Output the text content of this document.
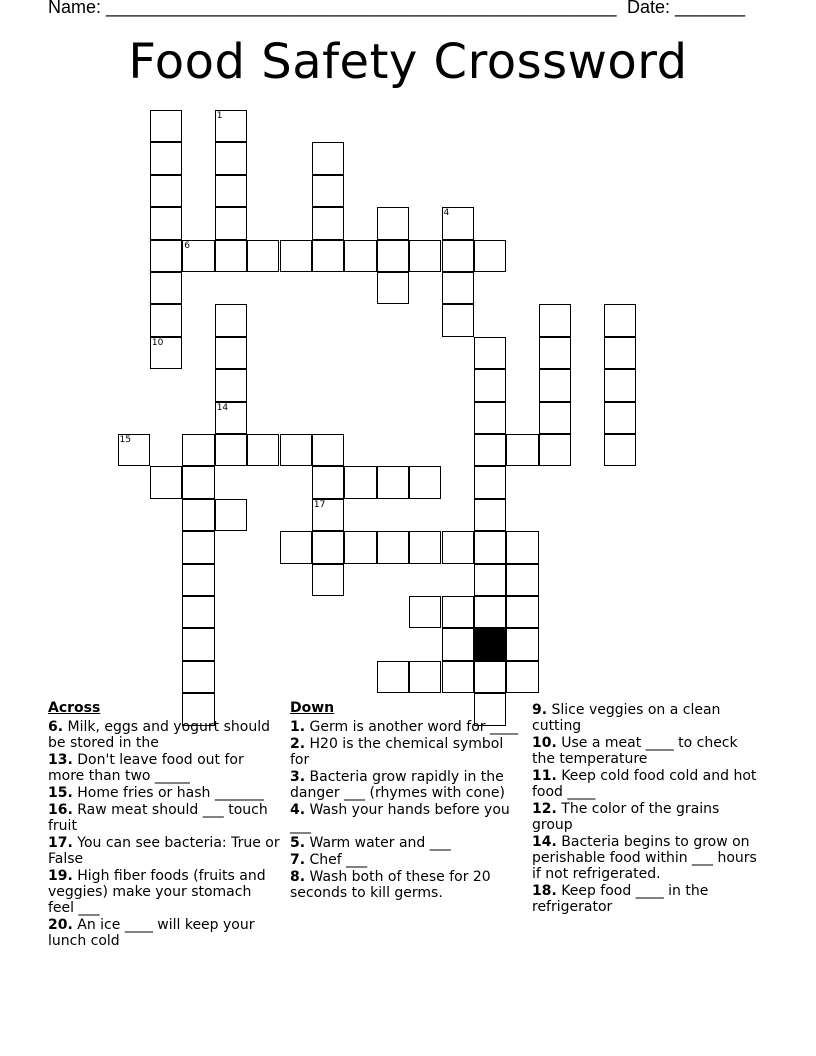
Name: ___________________________________________________ Date: _______
Food Safety Crossword
10
1
4
6
14
15
17
Across
6. Milk, eggs and yogurt should be stored in the
13. Don't leave food out for more than two _____
15. Home fries or hash _______
16. Raw meat should ___ touch fruit
17. You can see bacteria: True or False
19. High fiber foods (fruits and veggies) make your stomach feel ___
20. An ice ____ will keep your lunch cold
Down
1. Germ is another word for ____
2. H20 is the chemical symbol for
3. Bacteria grow rapidly in the danger ___ (rhymes with cone)
4. Wash your hands before you ___
5. Warm water and ___
7. Chef ___
8. Wash both of these for 20 seconds to kill germs.
9. Slice veggies on a clean cutting
10. Use a meat ____ to check the temperature
11. Keep cold food cold and hot food ____
12. The color of the grains group
14. Bacteria begins to grow on perishable food within ___ hours if not refrigerated.
18. Keep food ____ in the refrigerator
